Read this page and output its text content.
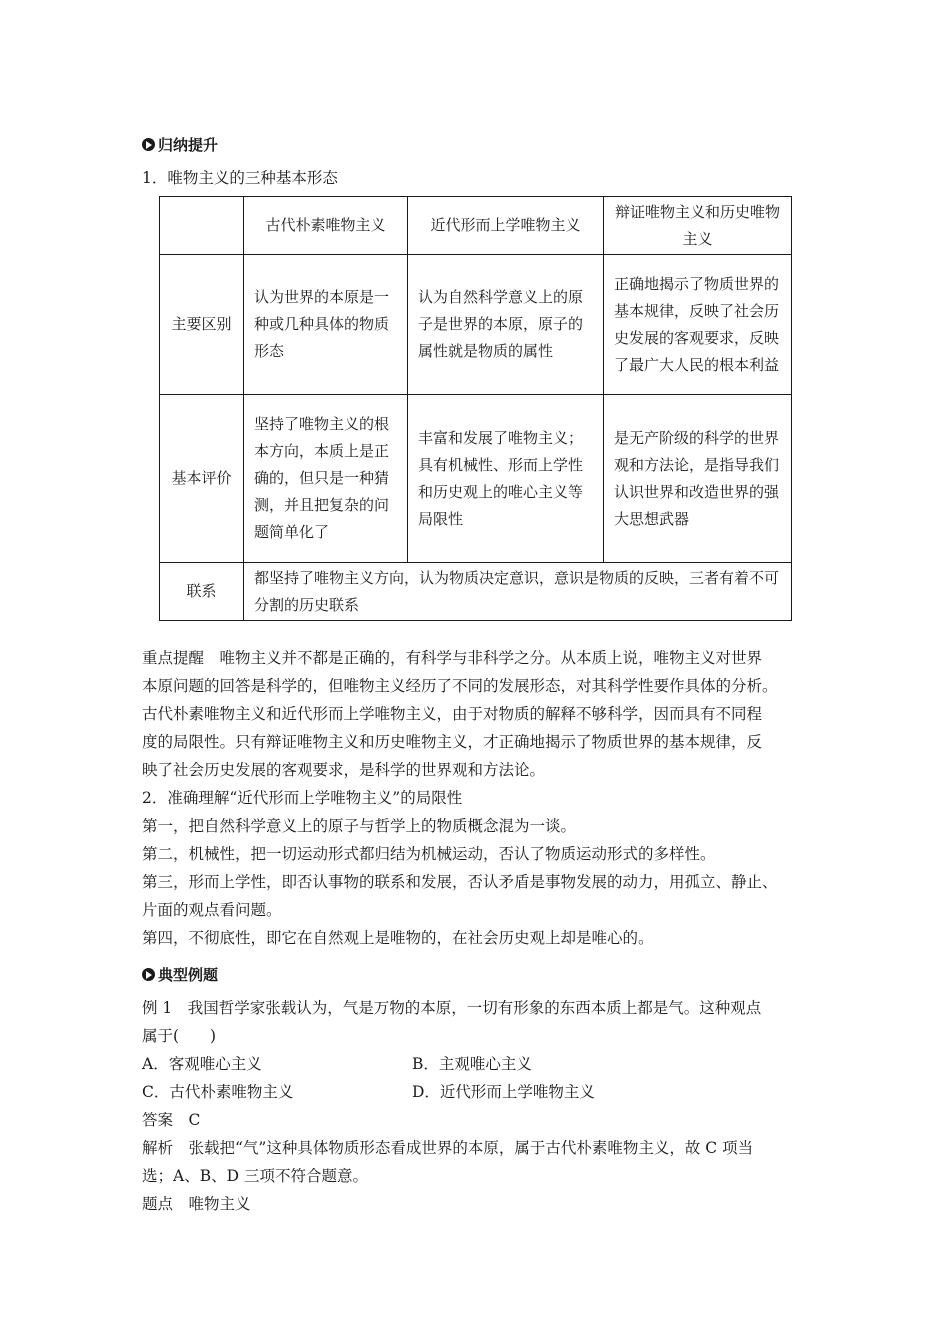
归纳提升
1．唯物主义的三种基本形态
	古代朴素唯物主义	近代形而上学唯物主义	辩证唯物主义和历史唯物主义
主要区别	认为世界的本原是一种或几种具体的物质形态	认为自然科学意义上的原子是世界的本原，原子的属性就是物质的属性	正确地揭示了物质世界的基本规律，反映了社会历史发展的客观要求，反映了最广大人民的根本利益
基本评价	坚持了唯物主义的根本方向，本质上是正确的，但只是一种猜测，并且把复杂的问题简单化了	丰富和发展了唯物主义；具有机械性、形而上学性和历史观上的唯心主义等局限性	是无产阶级的科学的世界观和方法论，是指导我们认识世界和改造世界的强大思想武器
联系	都坚持了唯物主义方向，认为物质决定意识，意识是物质的反映，三者有着不可分割的历史联系		
重点提醒　唯物主义并不都是正确的，有科学与非科学之分。从本质上说，唯物主义对世界
本原问题的回答是科学的，但唯物主义经历了不同的发展形态，对其科学性要作具体的分析。
古代朴素唯物主义和近代形而上学唯物主义，由于对物质的解释不够科学，因而具有不同程
度的局限性。只有辩证唯物主义和历史唯物主义，才正确地揭示了物质世界的基本规律，反
映了社会历史发展的客观要求，是科学的世界观和方法论。
2．准确理解“近代形而上学唯物主义”的局限性
第一，把自然科学意义上的原子与哲学上的物质概念混为一谈。
第二，机械性，把一切运动形式都归结为机械运动，否认了物质运动形式的多样性。
第三，形而上学性，即否认事物的联系和发展，否认矛盾是事物发展的动力，用孤立、静止、
片面的观点看问题。
第四，不彻底性，即它在自然观上是唯物的，在社会历史观上却是唯心的。
典型例题
例 1　我国哲学家张载认为，气是万物的本原，一切有形象的东西本质上都是气。这种观点
属于(　　)
A．客观唯心主义	B．主观唯心主义
C．古代朴素唯物主义	D．近代形而上学唯物主义
答案　C
解析　张载把“气”这种具体物质形态看成世界的本原，属于古代朴素唯物主义，故 C 项当
选；A、B、D 三项不符合题意。
题点　唯物主义
